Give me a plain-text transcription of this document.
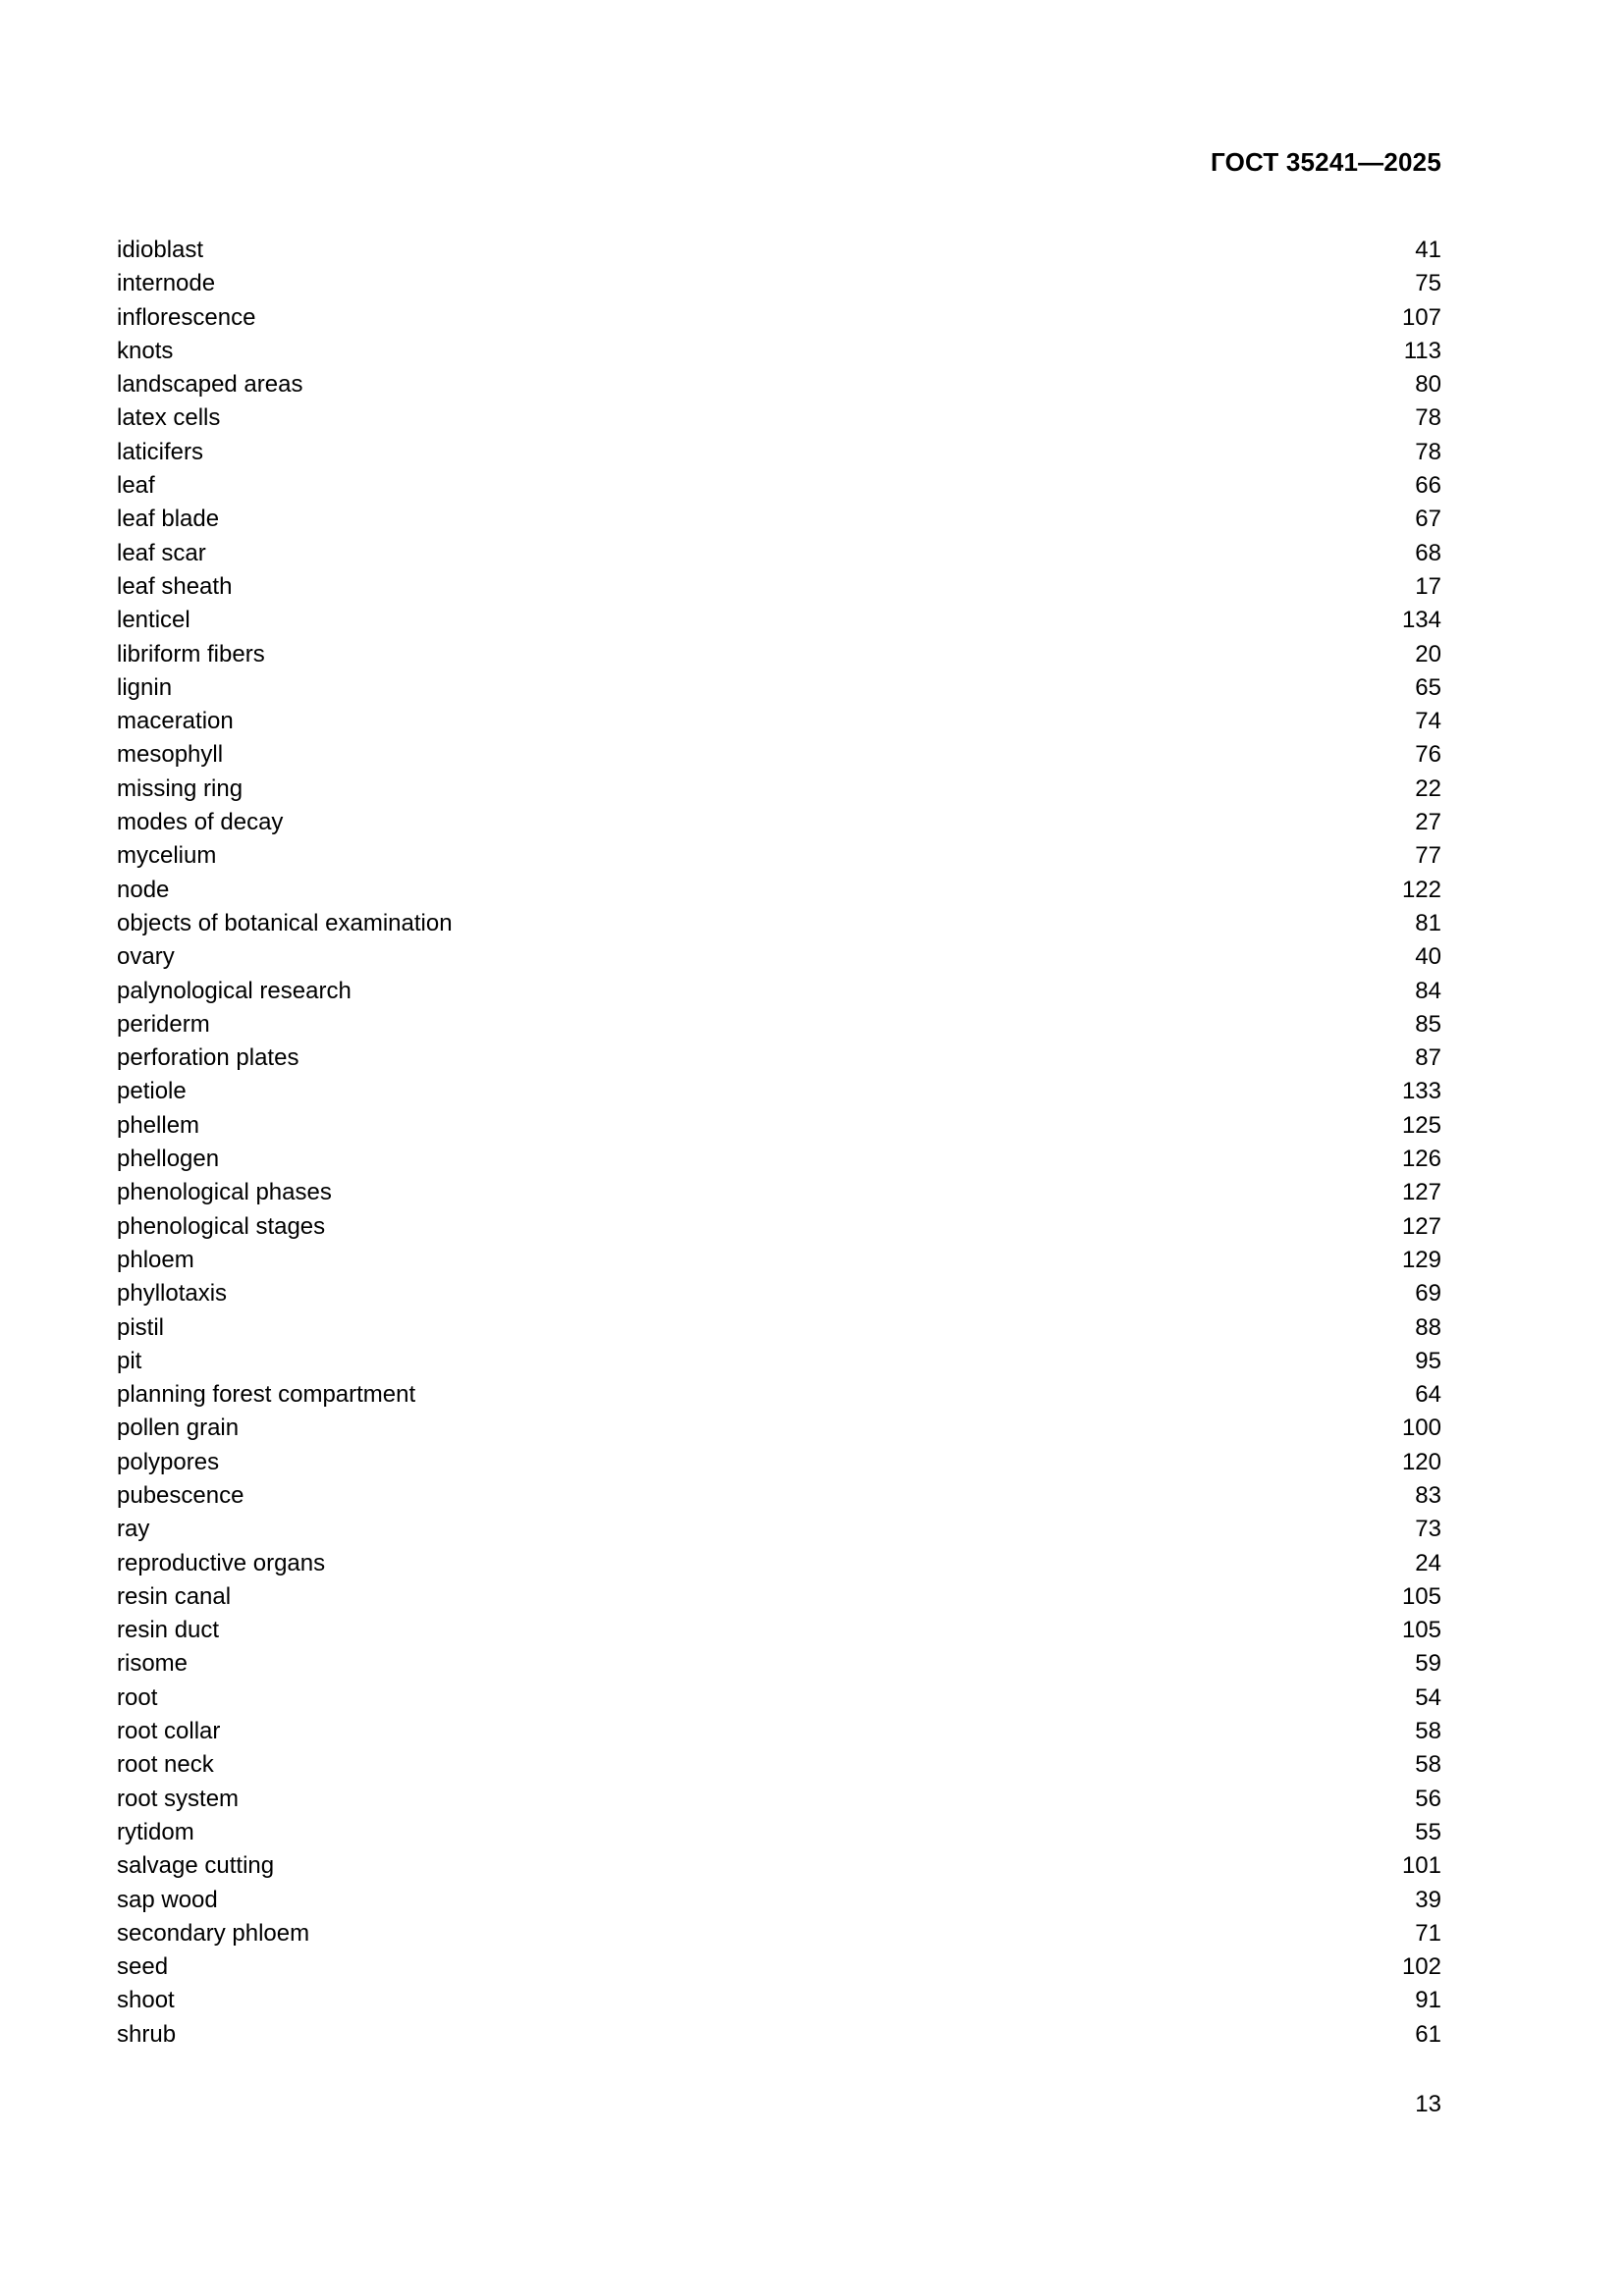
ГОСТ 35241—2025
idioblast	41
internode	75
inflorescence	107
knots	113
landscaped areas	80
latex cells	78
laticifers	78
leaf	66
leaf blade	67
leaf scar	68
leaf sheath	17
lenticel	134
libriform fibers	20
lignin	65
maceration	74
mesophyll	76
missing ring	22
modes of decay	27
mycelium	77
node	122
objects of botanical examination	81
ovary	40
palynological research	84
periderm	85
perforation plates	87
petiole	133
phellem	125
phellogen	126
phenological phases	127
phenological stages	127
phloem	129
phyllotaxis	69
pistil	88
pit	95
planning forest compartment	64
pollen grain	100
polypores	120
pubescence	83
ray	73
reproductive organs	24
resin canal	105
resin duct	105
risome	59
root	54
root collar	58
root neck	58
root system	56
rytidom	55
salvage cutting	101
sap wood	39
secondary phloem	71
seed	102
shoot	91
shrub	61
13
